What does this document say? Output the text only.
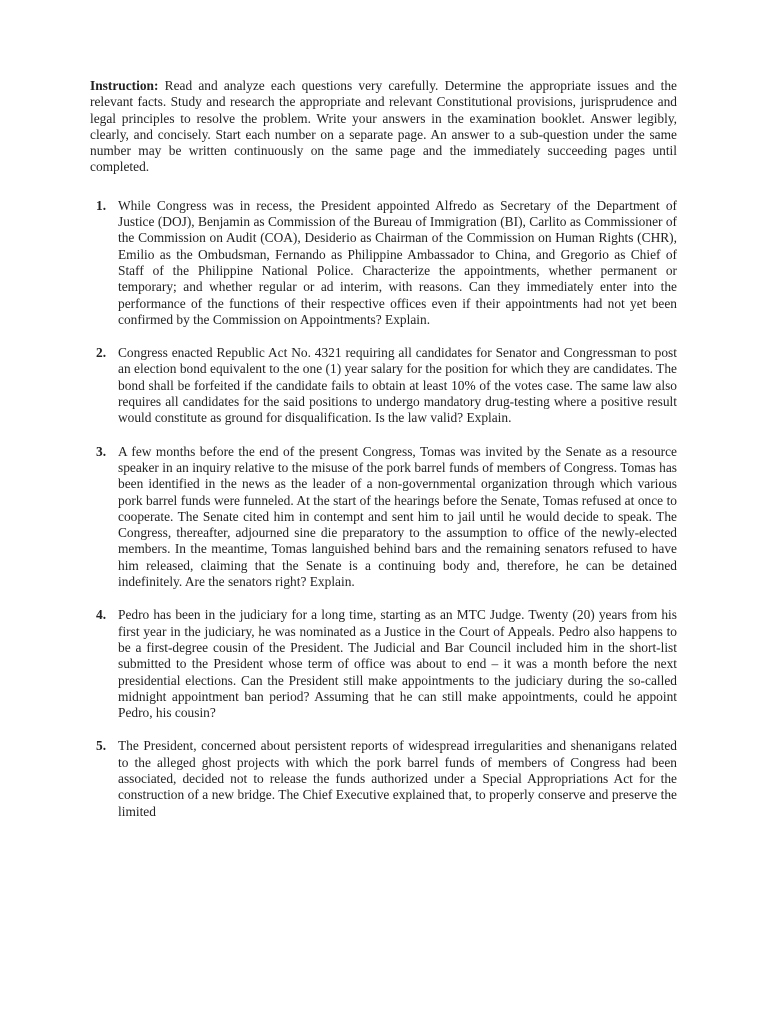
Instruction: Read and analyze each questions very carefully. Determine the appropriate issues and the relevant facts. Study and research the appropriate and relevant Constitutional provisions, jurisprudence and legal principles to resolve the problem. Write your answers in the examination booklet. Answer legibly, clearly, and concisely. Start each number on a separate page. An answer to a sub-question under the same number may be written continuously on the same page and the immediately succeeding pages until completed.

1. While Congress was in recess, the President appointed Alfredo as Secretary of the Department of Justice (DOJ), Benjamin as Commission of the Bureau of Immigration (BI), Carlito as Commissioner of the Commission on Audit (COA), Desiderio as Chairman of the Commission on Human Rights (CHR), Emilio as the Ombudsman, Fernando as Philippine Ambassador to China, and Gregorio as Chief of Staff of the Philippine National Police. Characterize the appointments, whether permanent or temporary; and whether regular or ad interim, with reasons. Can they immediately enter into the performance of the functions of their respective offices even if their appointments had not yet been confirmed by the Commission on Appointments? Explain.
2. Congress enacted Republic Act No. 4321 requiring all candidates for Senator and Congressman to post an election bond equivalent to the one (1) year salary for the position for which they are candidates. The bond shall be forfeited if the candidate fails to obtain at least 10% of the votes case. The same law also requires all candidates for the said positions to undergo mandatory drug-testing where a positive result would constitute as ground for disqualification. Is the law valid? Explain.
3. A few months before the end of the present Congress, Tomas was invited by the Senate as a resource speaker in an inquiry relative to the misuse of the pork barrel funds of members of Congress. Tomas has been identified in the news as the leader of a non-governmental organization through which various pork barrel funds were funneled. At the start of the hearings before the Senate, Tomas refused at once to cooperate. The Senate cited him in contempt and sent him to jail until he would decide to speak. The Congress, thereafter, adjourned sine die preparatory to the assumption to office of the newly-elected members. In the meantime, Tomas languished behind bars and the remaining senators refused to have him released, claiming that the Senate is a continuing body and, therefore, he can be detained indefinitely. Are the senators right? Explain.
4. Pedro has been in the judiciary for a long time, starting as an MTC Judge. Twenty (20) years from his first year in the judiciary, he was nominated as a Justice in the Court of Appeals. Pedro also happens to be a first-degree cousin of the President. The Judicial and Bar Council included him in the short-list submitted to the President whose term of office was about to end – it was a month before the next presidential elections. Can the President still make appointments to the judiciary during the so-called midnight appointment ban period? Assuming that he can still make appointments, could he appoint Pedro, his cousin?
5. The President, concerned about persistent reports of widespread irregularities and shenanigans related to the alleged ghost projects with which the pork barrel funds of members of Congress had been associated, decided not to release the funds authorized under a Special Appropriations Act for the construction of a new bridge. The Chief Executive explained that, to properly conserve and preserve the limited
